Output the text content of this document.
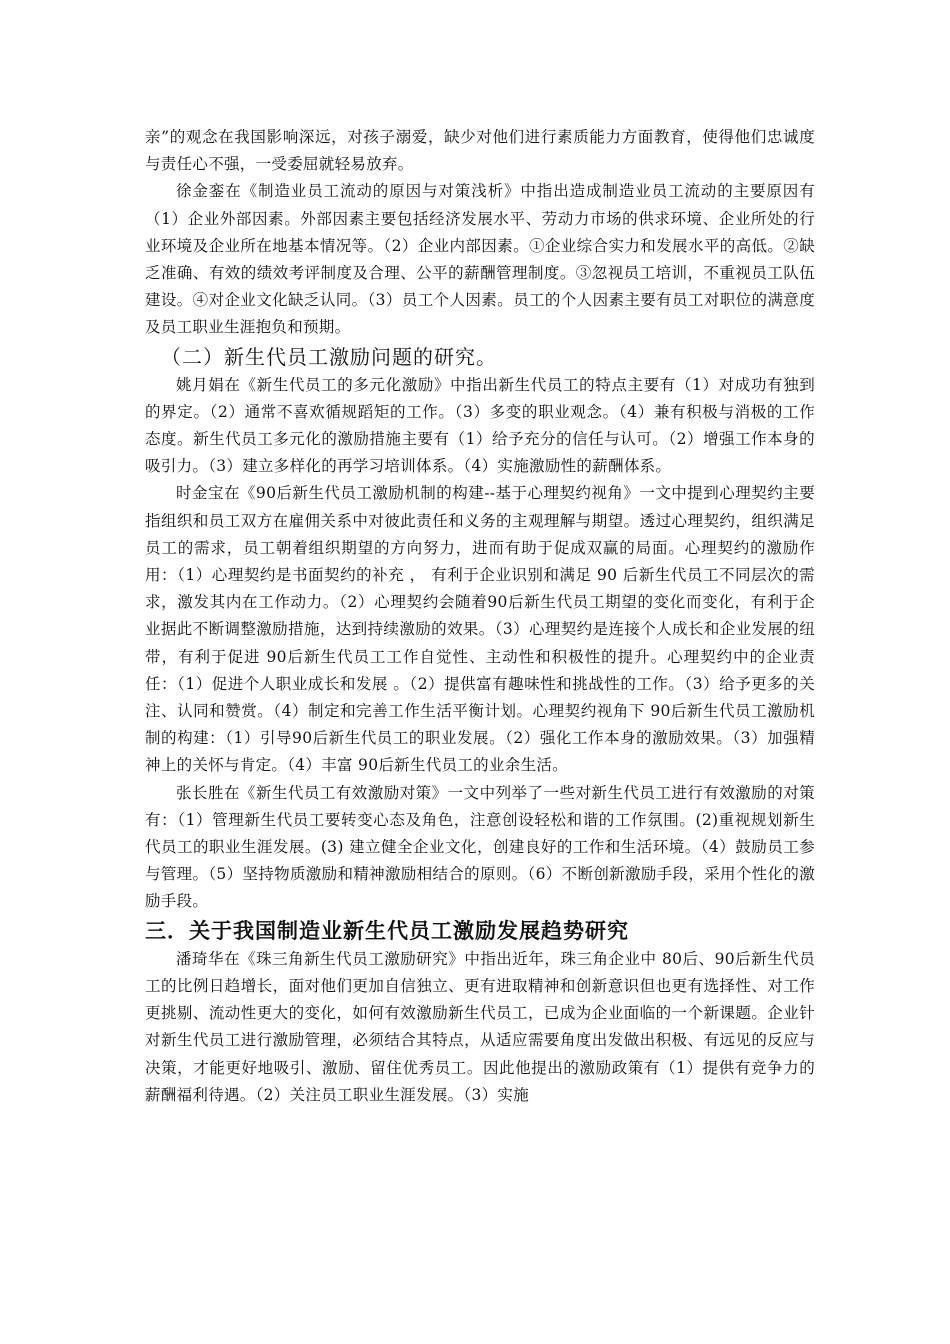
亲”的观念在我国影响深远，对孩子溺爱，缺少对他们进行素质能力方面教育，使得他们忠诚度与责任心不强，一受委屈就轻易放弃。

徐金銮在《制造业员工流动的原因与对策浅析》中指出造成制造业员工流动的主要原因有（1）企业外部因素。外部因素主要包括经济发展水平、劳动力市场的供求环境、企业所处的行业环境及企业所在地基本情况等。（2）企业内部因素。①企业综合实力和发展水平的高低。②缺乏准确、有效的绩效考评制度及合理、公平的薪酬管理制度。③忽视员工培训，不重视员工队伍建设。④对企业文化缺乏认同。（3）员工个人因素。员工的个人因素主要有员工对职位的满意度及员工职业生涯抱负和预期。

（二）新生代员工激励问题的研究。

姚月娟在《新生代员工的多元化激励》中指出新生代员工的特点主要有（1）对成功有独到的界定。（2）通常不喜欢循规蹈矩的工作。（3）多变的职业观念。（4）兼有积极与消极的工作态度。新生代员工多元化的激励措施主要有（1）给予充分的信任与认可。（2）增强工作本身的吸引力。（3）建立多样化的再学习培训体系。（4）实施激励性的薪酬体系。

时金宝在《90后新生代员工激励机制的构建--基于心理契约视角》一文中提到心理契约主要指组织和员工双方在雇佣关系中对彼此责任和义务的主观理解与期望。透过心理契约，组织满足员工的需求，员工朝着组织期望的方向努力，进而有助于促成双赢的局面。心理契约的激励作用：（1）心理契约是书面契约的补充 ， 有利于企业识别和满足 90 后新生代员工不同层次的需求，激发其内在工作动力。（2）心理契约会随着90后新生代员工期望的变化而变化，有利于企业据此不断调整激励措施，达到持续激励的效果。（3）心理契约是连接个人成长和企业发展的纽带，有利于促进 90后新生代员工工作自觉性、主动性和积极性的提升。心理契约中的企业责任：（1）促进个人职业成长和发展 。（2）提供富有趣味性和挑战性的工作。（3）给予更多的关注、认同和赞赏。（4）制定和完善工作生活平衡计划。心理契约视角下 90后新生代员工激励机制的构建：（1）引导90后新生代员工的职业发展。（2）强化工作本身的激励效果。（3）加强精神上的关怀与肯定。（4）丰富 90后新生代员工的业余生活。

张长胜在《新生代员工有效激励对策》一文中列举了一些对新生代员工进行有效激励的对策有：（1）管理新生代员工要转变心态及角色，注意创设轻松和谐的工作氛围。(2)重视规划新生代员工的职业生涯发展。(3) 建立健全企业文化，创建良好的工作和生活环境。（4）鼓励员工参与管理。（5）坚持物质激励和精神激励相结合的原则。（6）不断创新激励手段，采用个性化的激励手段。

三．关于我国制造业新生代员工激励发展趋势研究

潘琦华在《珠三角新生代员工激励研究》中指出近年，珠三角企业中 80后、90后新生代员工的比例日趋增长，面对他们更加自信独立、更有进取精神和创新意识但也更有选择性、对工作更挑剔、流动性更大的变化，如何有效激励新生代员工，已成为企业面临的一个新课题。企业针对新生代员工进行激励管理，必须结合其特点，从适应需要角度出发做出积极、有远见的反应与决策，才能更好地吸引、激励、留住优秀员工。因此他提出的激励政策有（1）提供有竞争力的薪酬福利待遇。（2）关注员工职业生涯发展。（3）实施
